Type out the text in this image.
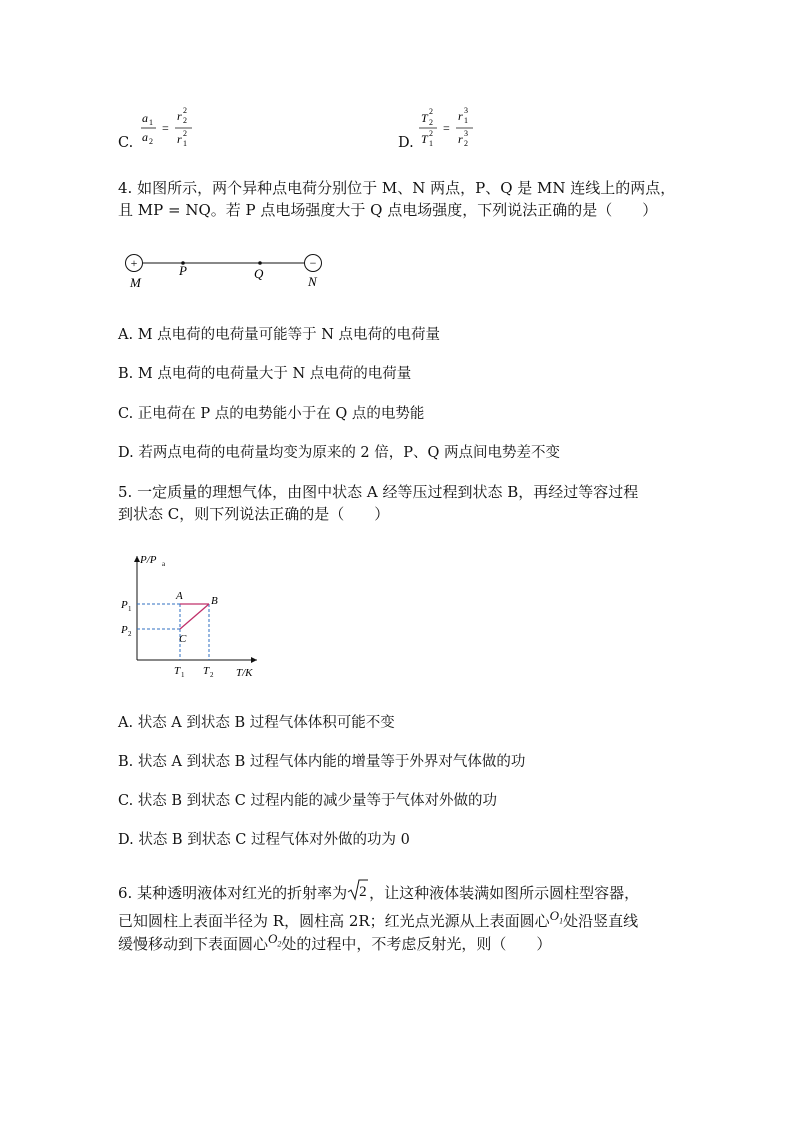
C.
a 1
a 2
=
r 2
2
r 1
2
D.
T 2
2
T 1
2 =
r 1
3
r 2
3
4. 如图所示，两个异种点电荷分别位于 M、N 两点，P、Q 是 MN 连线上的两点，
且 MP = NQ。若 P 点电场强度大于 Q 点电场强度，下列说法正确的是（　　）
+	−
M
P	Q
N
A. M 点电荷的电荷量可能等于 N 点电荷的电荷量
B. M 点电荷的电荷量大于 N 点电荷的电荷量
C. 正电荷在 P 点的电势能小于在 Q 点的电势能
D. 若两点电荷的电荷量均变为原来的 2 倍，P、Q 两点间电势差不变
5. 一定质量的理想气体，由图中状态 A 经等压过程到状态 B，再经过等容过程
到状态 C，则下列说法正确的是（　　）
P/P a
T/K
P 1
P 2
T 1 T 2
A	B
C
A. 状态 A 到状态 B 过程气体体积可能不变
B. 状态 A 到状态 B 过程气体内能的增量等于外界对气体做的功
C. 状态 B 到状态 C 过程内能的减少量等于气体对外做的功
D. 状态 B 到状态 C 过程气体对外做的功为 0
6. 某种透明液体对红光的折射率为 2 ，让这种液体装满如图所示圆柱型容器，
已知圆柱上表面半径为 R，圆柱高 2R；红光点光源从上表面圆心$O_1$处沿竖直线
缓慢移动到下表面圆心$O_2$处的过程中，不考虑反射光，则（　　）
